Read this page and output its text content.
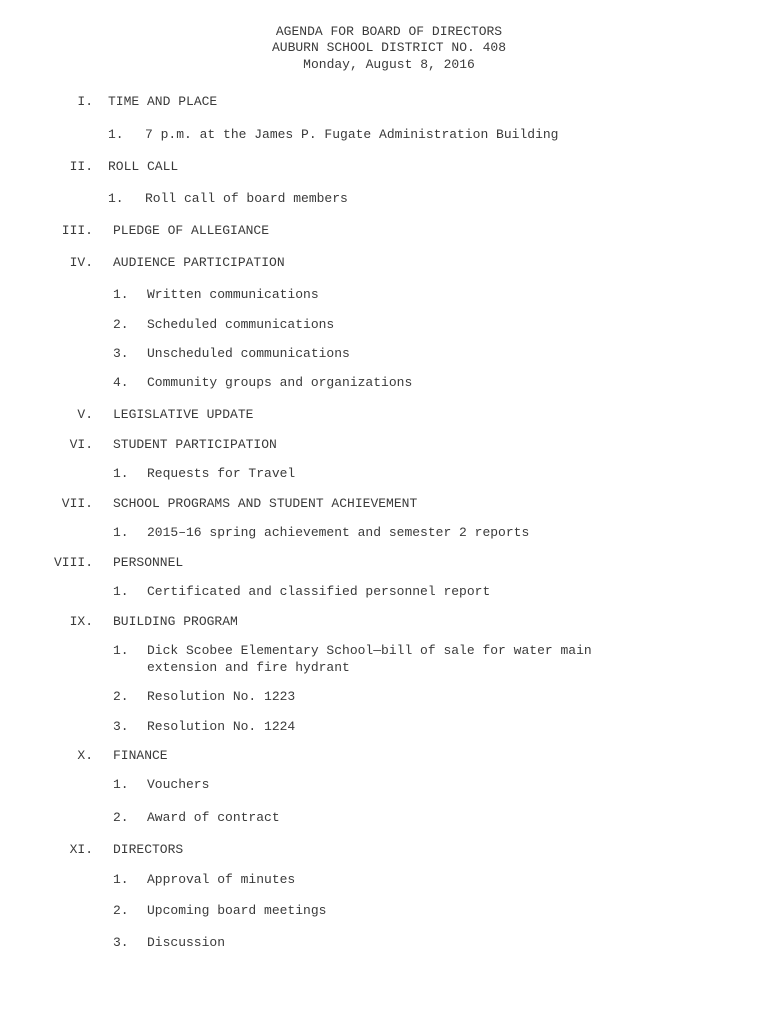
AGENDA FOR BOARD OF DIRECTORS
AUBURN SCHOOL DISTRICT NO. 408
Monday, August 8, 2016
I. TIME AND PLACE
1. 7 p.m. at the James P. Fugate Administration Building
II. ROLL CALL
1. Roll call of board members
III. PLEDGE OF ALLEGIANCE
IV. AUDIENCE PARTICIPATION
1. Written communications
2. Scheduled communications
3. Unscheduled communications
4. Community groups and organizations
V. LEGISLATIVE UPDATE
VI. STUDENT PARTICIPATION
1. Requests for Travel
VII. SCHOOL PROGRAMS AND STUDENT ACHIEVEMENT
1. 2015–16 spring achievement and semester 2 reports
VIII. PERSONNEL
1. Certificated and classified personnel report
IX. BUILDING PROGRAM
1. Dick Scobee Elementary School—bill of sale for water main
extension and fire hydrant
2. Resolution No. 1223
3. Resolution No. 1224
X. FINANCE
1. Vouchers
2. Award of contract
XI. DIRECTORS
1. Approval of minutes
2. Upcoming board meetings
3. Discussion
